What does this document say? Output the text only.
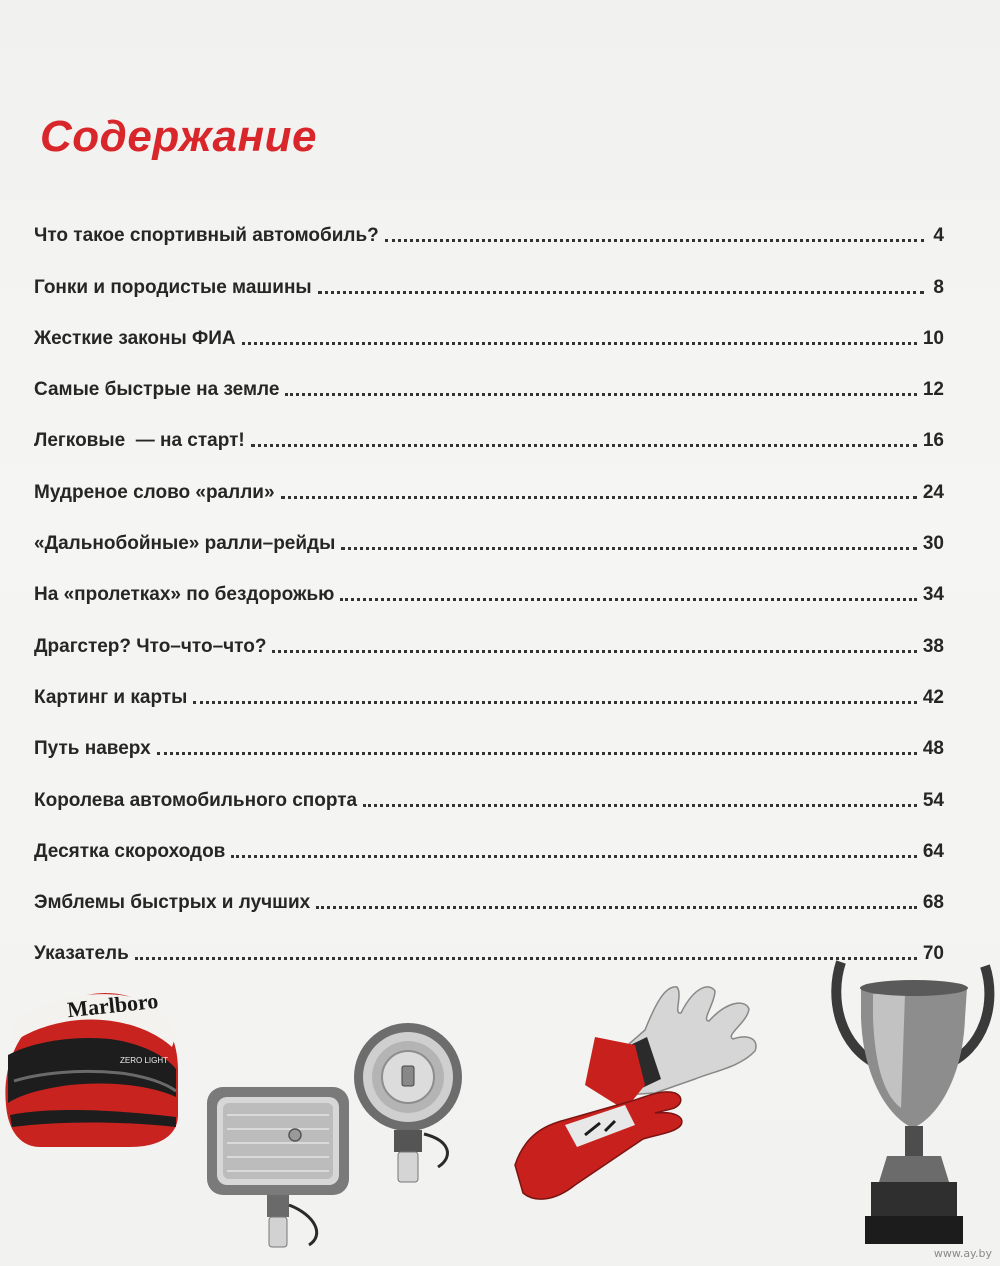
Содержание
Что такое спортивный автомобиль?	4
Гонки и породистые машины	8
Жесткие законы ФИА	10
Самые быстрые на земле	12
Легковые  — на старт!	16
Мудреное слово «ралли»	24
«Дальнобойные» ралли–рейды	30
На «пролетках» по бездорожью	34
Драгстер? Что–что–что?	38
Картинг и карты	42
Путь наверх	48
Королева автомобильного спорта	54
Десятка скороходов	64
Эмблемы быстрых и лучших	68
Указатель	70
Marlboro
ZERO LIGHT
www.ay.by
